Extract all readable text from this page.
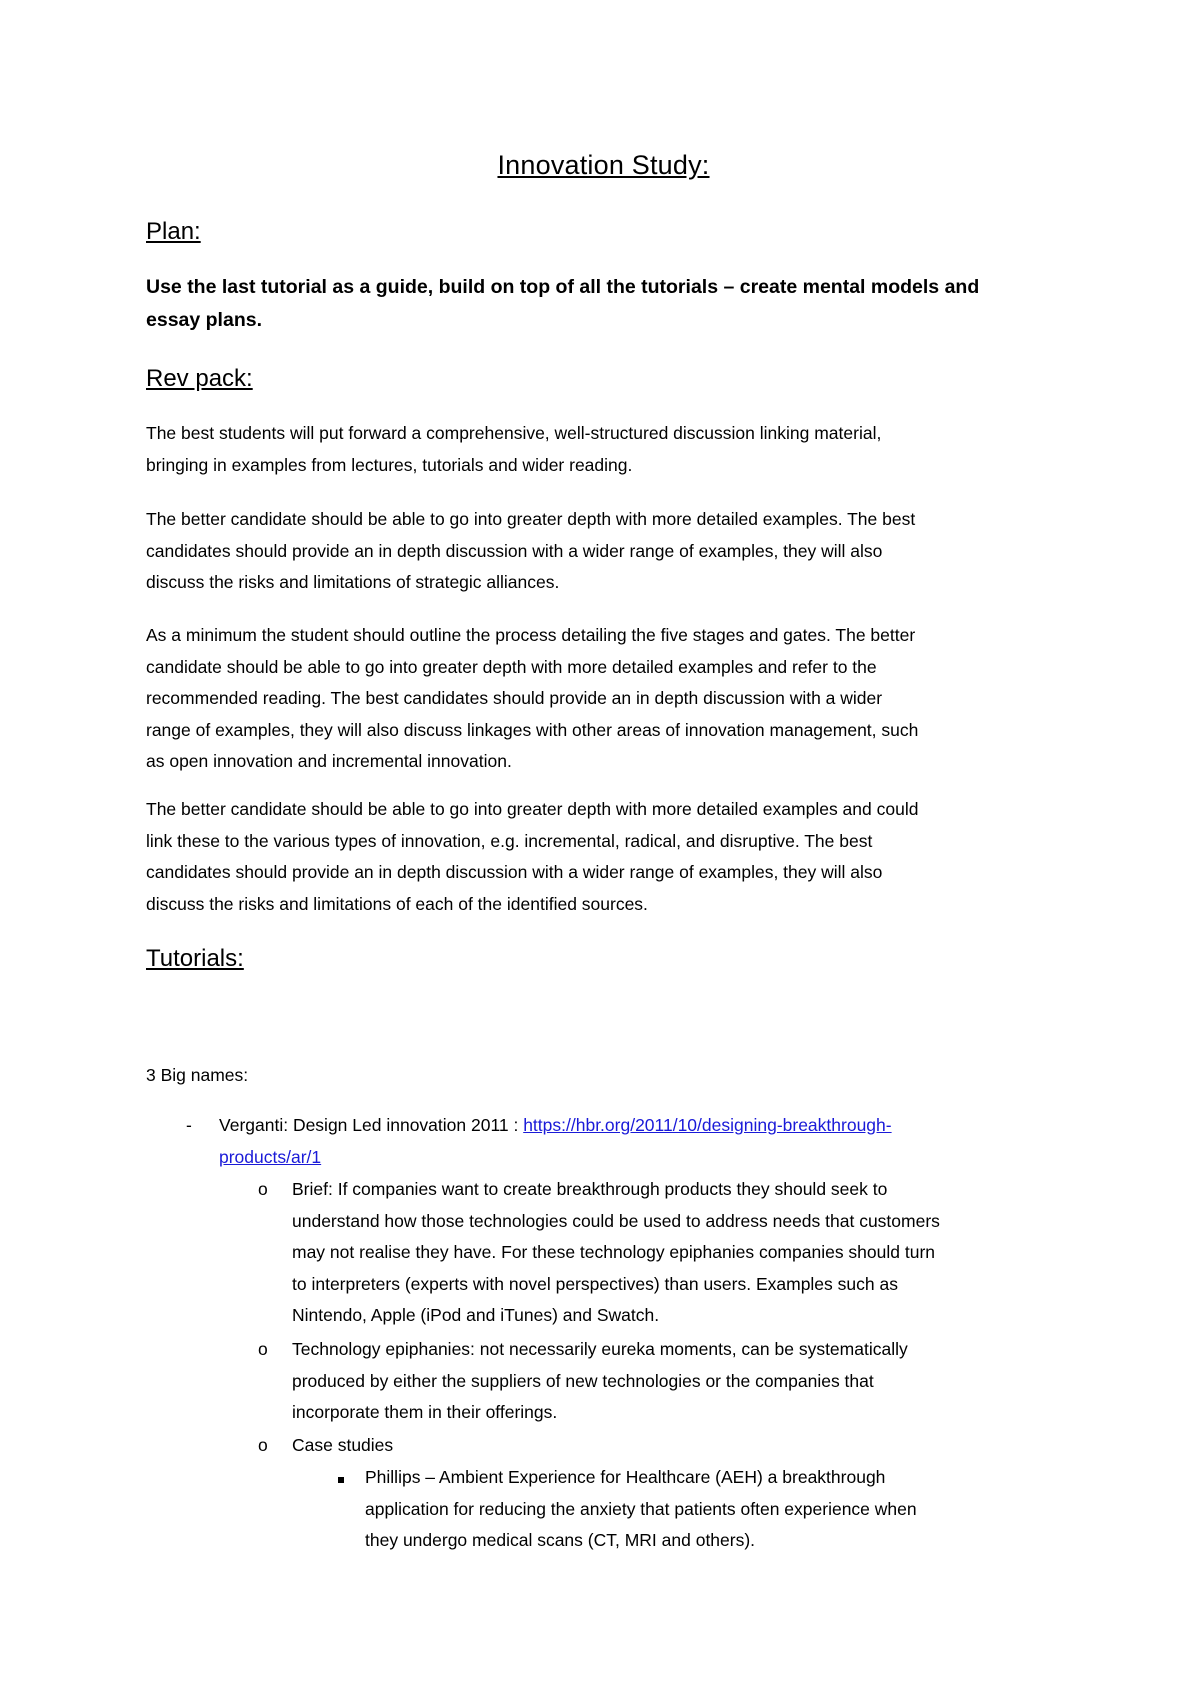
Innovation Study:
Plan:
Use the last tutorial as a guide, build on top of all the tutorials – create mental models and
essay plans.
Rev pack:
The best students will put forward a comprehensive, well-structured discussion linking material,
bringing in examples from lectures, tutorials and wider reading.
The better candidate should be able to go into greater depth with more detailed examples. The best
candidates should provide an in depth discussion with a wider range of examples, they will also
discuss the risks and limitations of strategic alliances.
As a minimum the student should outline the process detailing the five stages and gates. The better
candidate should be able to go into greater depth with more detailed examples and refer to the
recommended reading. The best candidates should provide an in depth discussion with a wider
range of examples, they will also discuss linkages with other areas of innovation management, such
as open innovation and incremental innovation.
The better candidate should be able to go into greater depth with more detailed examples and could
link these to the various types of innovation, e.g. incremental, radical, and disruptive. The best
candidates should provide an in depth discussion with a wider range of examples, they will also
discuss the risks and limitations of each of the identified sources.
Tutorials:
3 Big names:
- Verganti: Design Led innovation 2011 : https://hbr.org/2011/10/designing-breakthrough-
products/ar/1
o Brief: If companies want to create breakthrough products they should seek to
understand how those technologies could be used to address needs that customers
may not realise they have. For these technology epiphanies companies should turn
to interpreters (experts with novel perspectives) than users. Examples such as
Nintendo, Apple (iPod and iTunes) and Swatch.
o Technology epiphanies: not necessarily eureka moments, can be systematically
produced by either the suppliers of new technologies or the companies that
incorporate them in their offerings.
o Case studies
Phillips – Ambient Experience for Healthcare (AEH) a breakthrough
application for reducing the anxiety that patients often experience when
they undergo medical scans (CT, MRI and others).
